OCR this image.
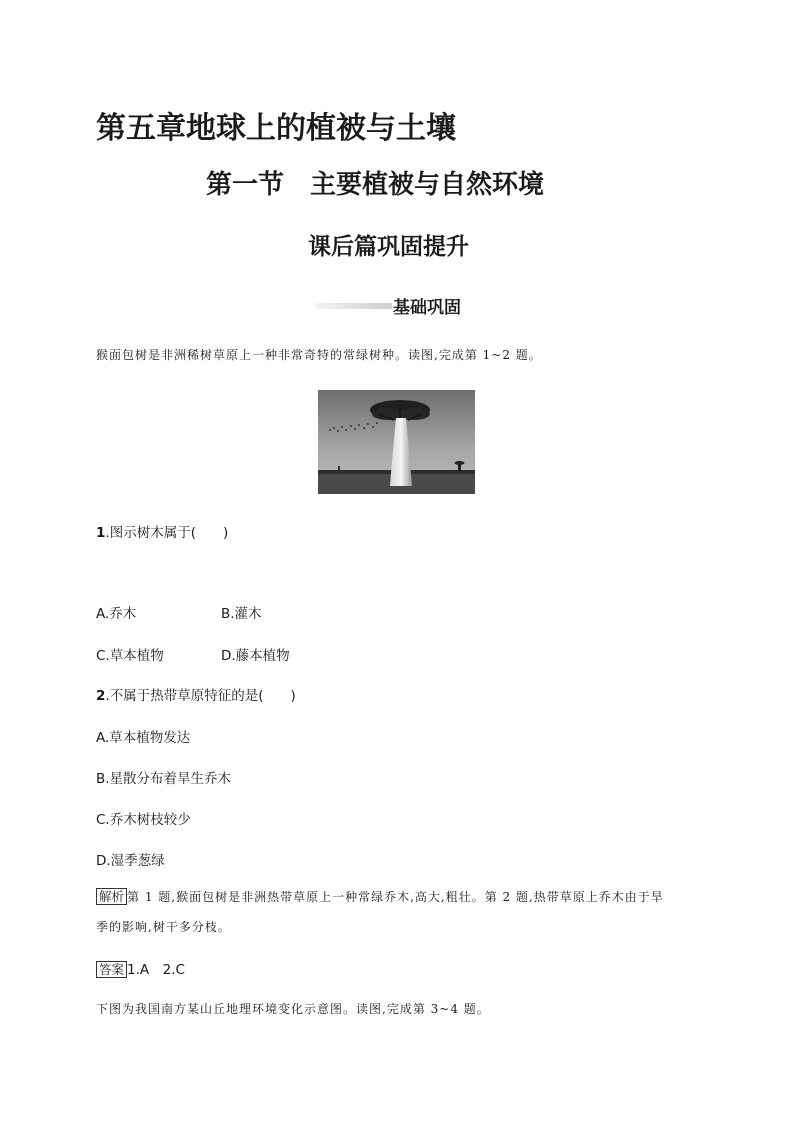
第五章地球上的植被与土壤
第一节　主要植被与自然环境
课后篇巩固提升
基础巩固
猴面包树是非洲稀树草原上一种非常奇特的常绿树种。读图,完成第 1~2 题。
1.图示树木属于(　　)
A.乔木	B.灌木
C.草本植物	D.藤本植物
2.不属于热带草原特征的是(　　)
A.草本植物发达
B.星散分布着旱生乔木
C.乔木树枝较少
D.湿季葱绿
解析 第 1 题,猴面包树是非洲热带草原上一种常绿乔木,高大,粗壮。第 2 题,热带草原上乔木由于旱
季的影响,树干多分枝。
答案 1.A　2.C
下图为我国南方某山丘地理环境变化示意图。读图,完成第 3~4 题。
